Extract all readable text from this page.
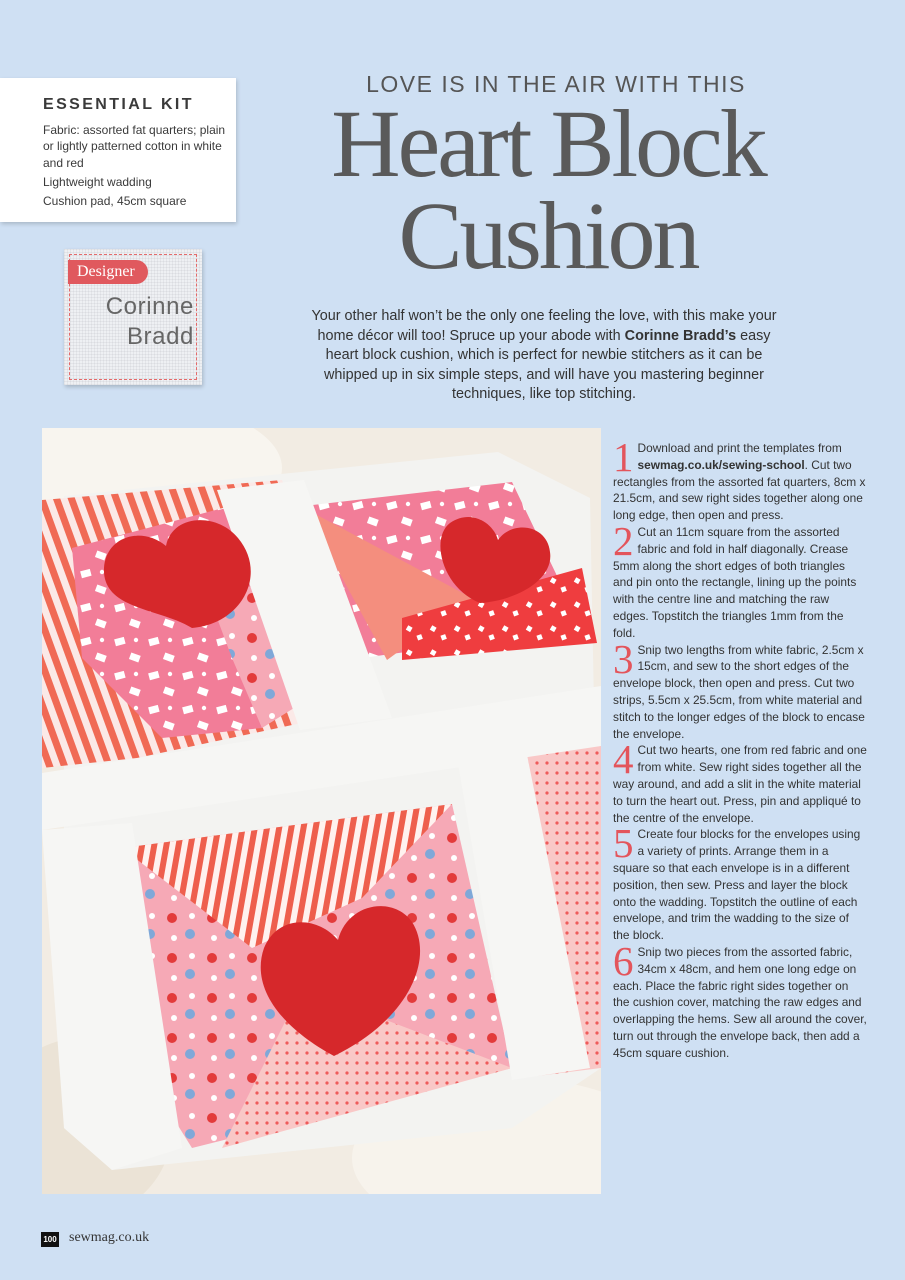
ESSENTIAL KIT
Fabric: assorted fat quarters; plain or lightly patterned cotton in white and red
Lightweight wadding
Cushion pad, 45cm square
Designer

Corinne
Bradd

LOVE IS IN THE AIR WITH THIS

Heart Block
Cushion

Your other half won’t be the only one feeling the love, with this make your home décor will too! Spruce up your abode with Corinne Bradd’s easy heart block cushion, which is perfect for newbie stitchers as it can be whipped up in six simple steps, and will have you mastering beginner techniques, like top stitching.

1 Download and print the templates from sewmag.co.uk/sewing-school. Cut two rectangles from the assorted fat quarters, 8cm x 21.5cm, and sew right sides together along one long edge, then open and press.
2 Cut an 11cm square from the assorted fabric and fold in half diagonally. Crease 5mm along the short edges of both triangles and pin onto the rectangle, lining up the points with the centre line and matching the raw edges. Topstitch the triangles 1mm from the fold.
3 Snip two lengths from white fabric, 2.5cm x 15cm, and sew to the short edges of the envelope block, then open and press. Cut two strips, 5.5cm x 25.5cm, from white material and stitch to the longer edges of the block to encase the envelope.
4 Cut two hearts, one from red fabric and one from white. Sew right sides together all the way around, and add a slit in the white material to turn the heart out. Press, pin and appliqué to the centre of the envelope.
5 Create four blocks for the envelopes using a variety of prints. Arrange them in a square so that each envelope is in a different position, then sew. Press and layer the block onto the wadding. Topstitch the outline of each envelope, and trim the wadding to the size of the block.
6 Snip two pieces from the assorted fabric, 34cm x 48cm, and hem one long edge on each. Place the fabric right sides together on the cushion cover, matching the raw edges and overlapping the hems. Sew all around the cover, turn out through the envelope back, then add a 45cm square cushion.
100 sewmag.co.uk
